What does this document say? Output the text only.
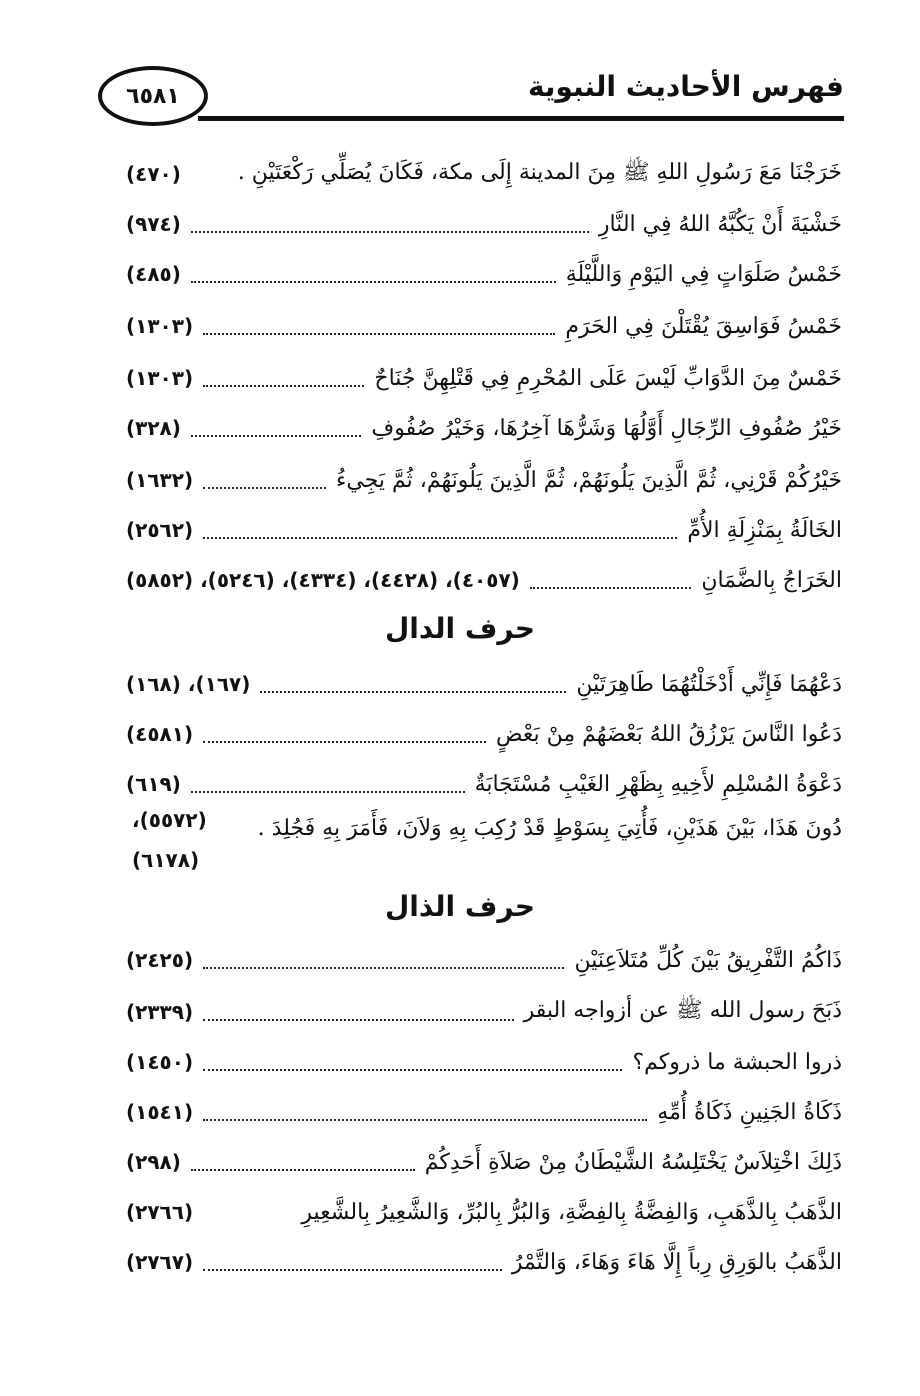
٦٥٨١	فهرس الأحاديث النبوية
خَرَجْنَا مَعَ رَسُولِ اللهِ ﷺ مِنَ المدينة إِلَى مكة، فَكَانَ يُصَلِّي رَكْعَتَيْنِ .
(٤٧٠)
خَشْيَةَ أَنْ يَكُبَّهُ اللهُ فِي النَّارِ
(٩٧٤)
خَمْسُ صَلَوَاتٍ فِي اليَوْمِ وَاللَّيْلَةِ
(٤٨٥)
خَمْسُ فَوَاسِقَ يُقْتَلْنَ فِي الحَرَمِ
(١٣٠٣)
خَمْسٌ مِنَ الدَّوَابِّ لَيْسَ عَلَى المُحْرِمِ فِي قَتْلِهِنَّ جُنَاحٌ
(١٣٠٣)
خَيْرُ صُفُوفِ الرِّجَالِ أَوَّلُهَا وَشَرُّهَا آخِرُهَا، وَخَيْرُ صُفُوفِ
(٣٢٨)
خَيْرُكُمْ قَرْنِي، ثُمَّ الَّذِينَ يَلُونَهُمْ، ثُمَّ الَّذِينَ يَلُونَهُمْ، ثُمَّ يَجِيءُ
(١٦٣٢)
الخَالَةُ بِمَنْزِلَةِ الأُمِّ
(٢٥٦٢)
الخَرَاجُ بِالضَّمَانِ
(٤٠٥٧)، (٤٤٢٨)، (٤٣٣٤)، (٥٢٤٦)، (٥٨٥٢)
حرف الدال
دَعْهُمَا فَإِنِّي أَدْخَلْتُهُمَا طَاهِرَتَيْنِ
(١٦٧)، (١٦٨)
دَعُوا النَّاسَ يَرْزُقُ اللهُ بَعْضَهُمْ مِنْ بَعْضٍ
(٤٥٨١)
دَعْوَةُ المُسْلِمِ لأَخِيهِ بِظَهْرِ الغَيْبِ مُسْتَجَابَةٌ
(٦١٩)
دُونَ هَذَا، بَيْنَ هَذَيْنِ، فَأُتِيَ بِسَوْطٍ قَدْ رُكِبَ بِهِ وَلاَنَ، فَأَمَرَ بِهِ فَجُلِدَ .
(٥٥٧٢)،
(٦١٧٨)
حرف الذال
ذَاكُمُ التَّفْرِيقُ بَيْنَ كُلِّ مُتَلاَعِنَيْنِ
(٢٤٢٥)
ذَبَحَ رسول الله ﷺ عن أزواجه البقر
(٢٣٣٩)
ذروا الحبشة ما ذروكم؟
(١٤٥٠)
ذَكَاةُ الجَنِينِ ذَكَاةُ أُمِّهِ
(١٥٤١)
ذَلِكَ اخْتِلاَسٌ يَخْتَلِسُهُ الشَّيْطَانُ مِنْ صَلاَةِ أَحَدِكُمْ
(٢٩٨)
الذَّهَبُ بِالذَّهَبِ، وَالفِضَّةُ بِالفِضَّةِ، وَالبُرُّ بِالبُرِّ، وَالشَّعِيرُ بِالشَّعِيرِ
(٢٧٦٦)
الذَّهَبُ بالوَرِقِ رِباً إِلَّا هَاءَ وَهَاءَ، وَالتَّمْرُ
(٢٧٦٧)
